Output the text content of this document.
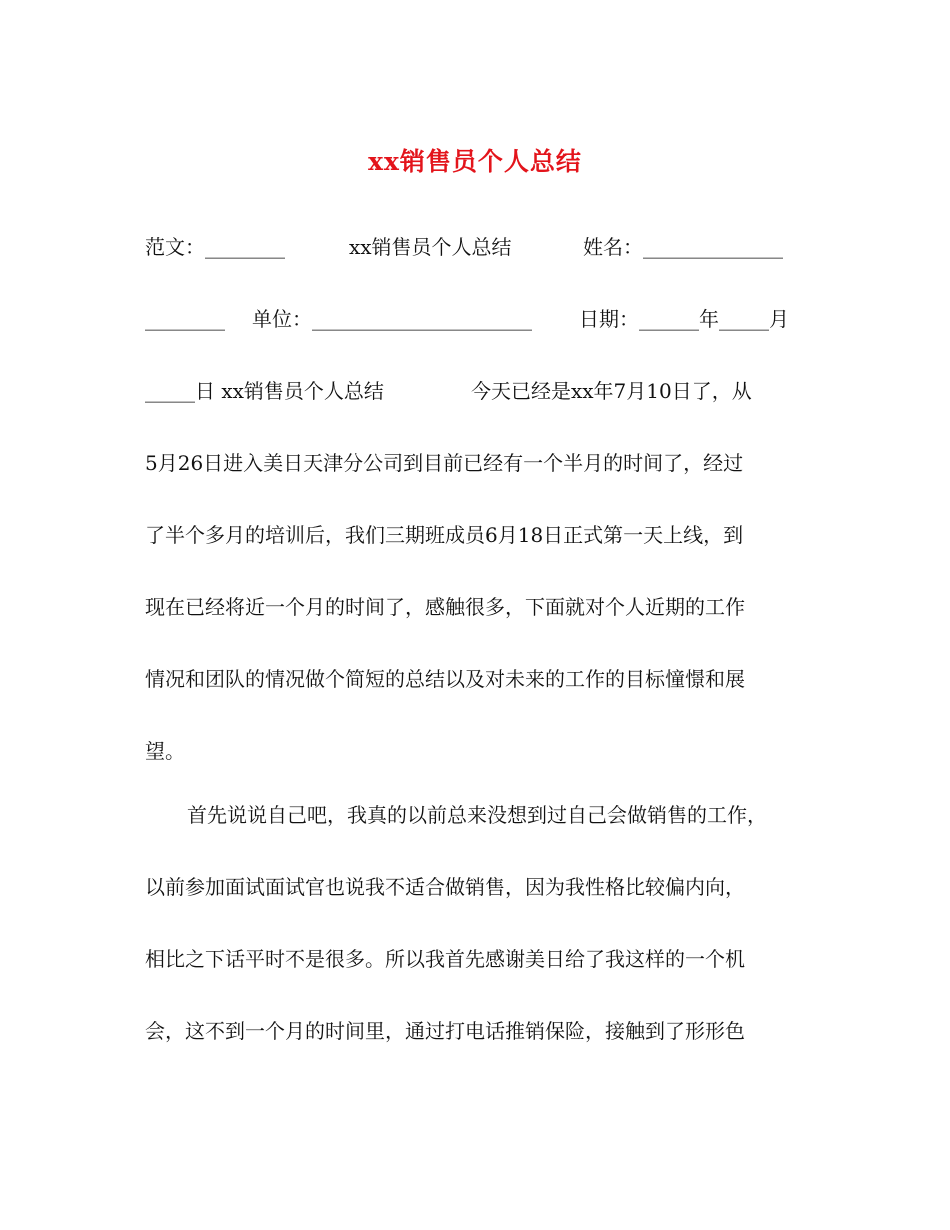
xx销售员个人总结
范文：________	xx销售员个人总结	姓名：______________
________ 单位：______________________ 日期：______年_____月
_____日 xx销售员个人总结	今天已经是xx年7月10日了，从
5月26日进入美日天津分公司到目前已经有一个半月的时间了，经过
了半个多月的培训后，我们三期班成员6月18日正式第一天上线，到
现在已经将近一个月的时间了，感触很多，下面就对个人近期的工作
情况和团队的情况做个简短的总结以及对未来的工作的目标憧憬和展
望。
首先说说自己吧，我真的以前总来没想到过自己会做销售的工作，
以前参加面试面试官也说我不适合做销售，因为我性格比较偏内向，
相比之下话平时不是很多。所以我首先感谢美日给了我这样的一个机
会，这不到一个月的时间里，通过打电话推销保险，接触到了形形色
